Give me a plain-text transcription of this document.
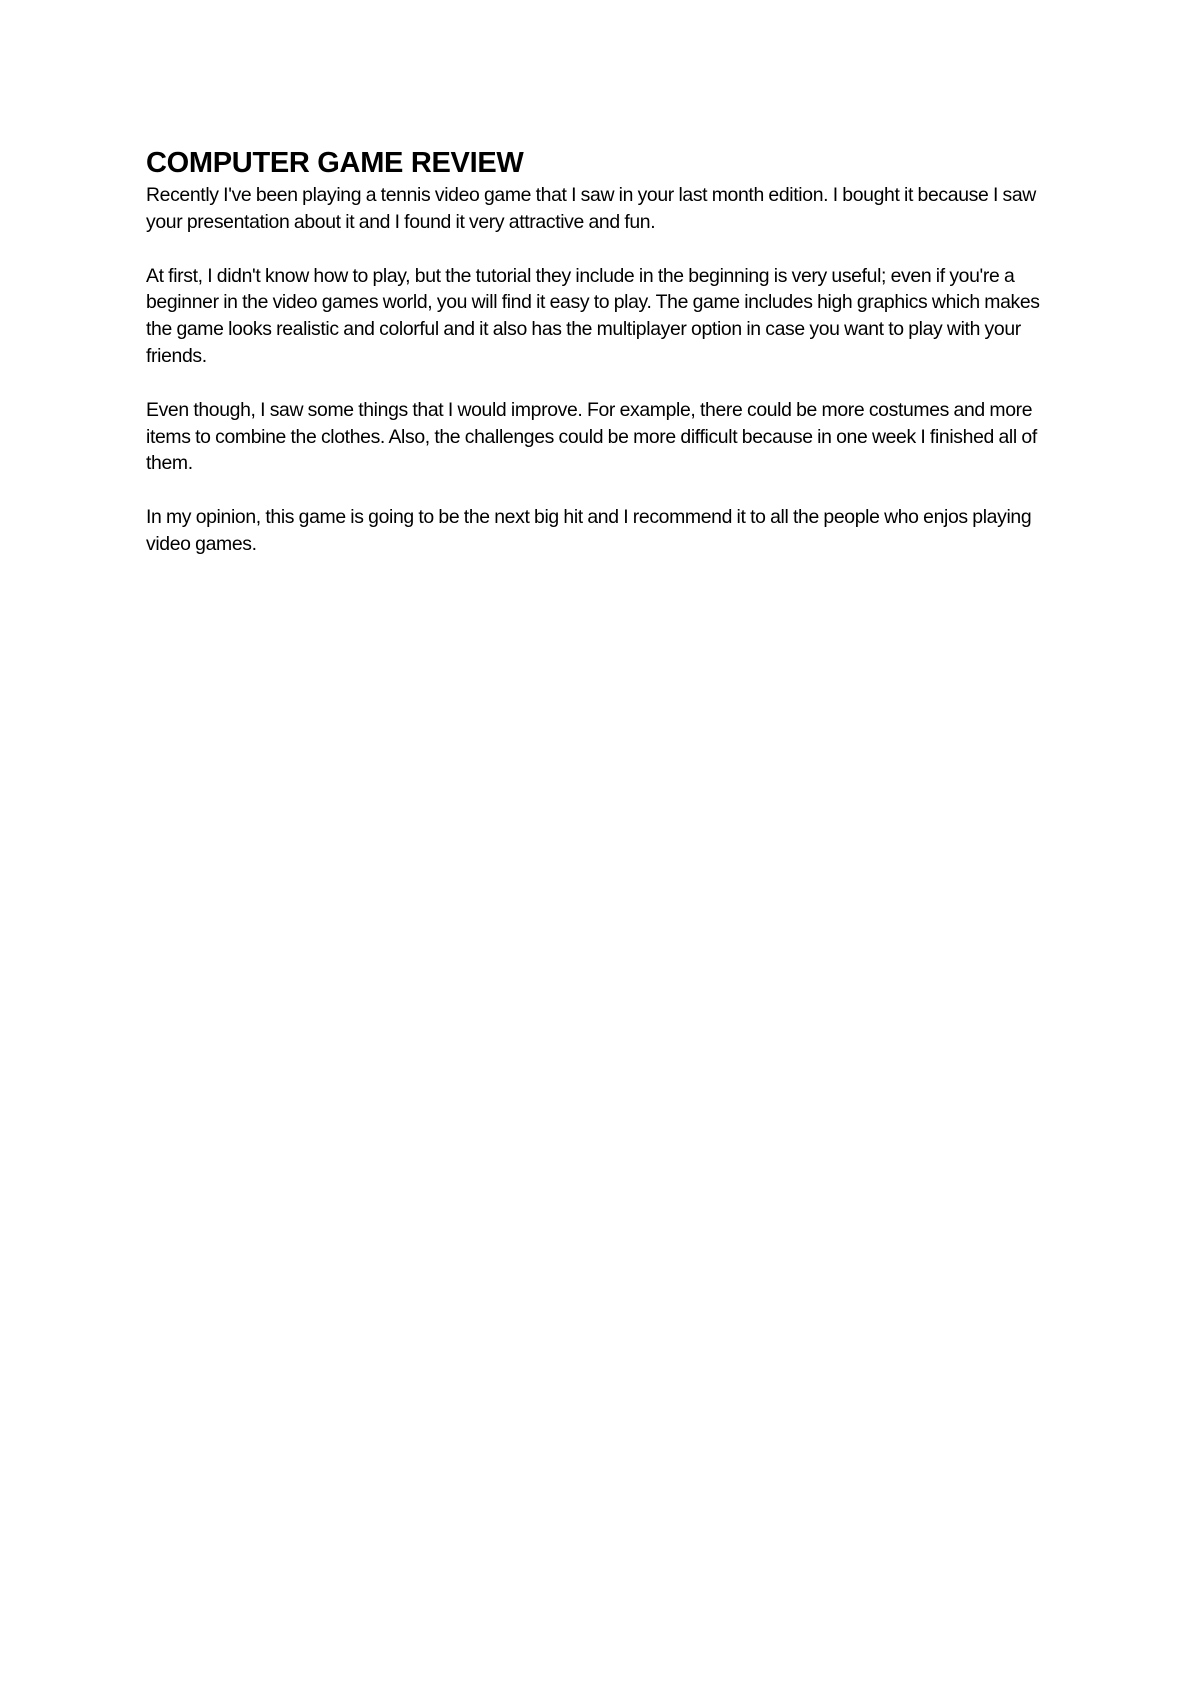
COMPUTER GAME REVIEW

Recently I've been playing a tennis video game that I saw in your last month edition. I bought it because I saw your presentation about it and I found it very attractive and fun.

At first, I didn't know how to play, but the tutorial they include in the beginning is very useful; even if you're a beginner in the video games world, you will find it easy to play. The game includes high graphics which makes the game looks realistic and colorful and it also has the multiplayer option in case you want to play with your friends.

Even though, I saw some things that I would improve. For example, there could be more costumes and more items to combine the clothes. Also, the challenges could be more difficult because in one week I finished all of them.

In my opinion, this game is going to be the next big hit and I recommend it to all the people who enjos playing video games.
